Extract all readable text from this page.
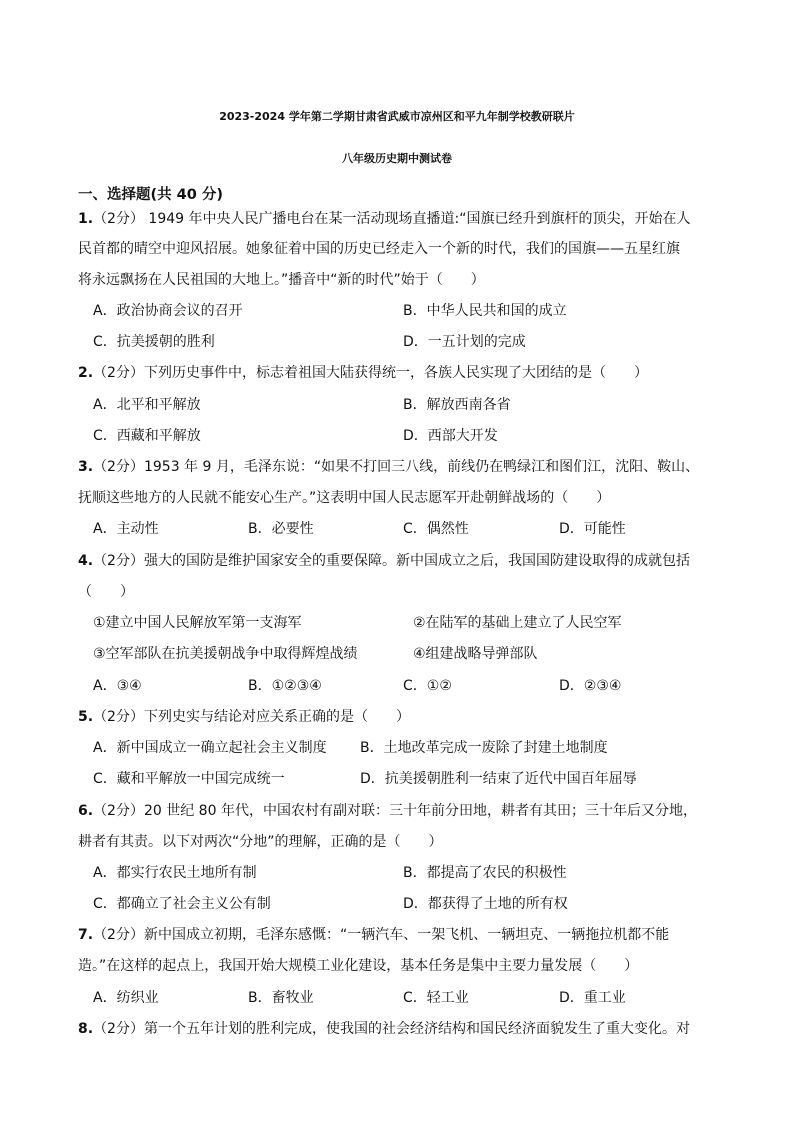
2023-2024 学年第二学期甘肃省武威市凉州区和平九年制学校教研联片
八年级历史期中测试卷
一、选择题(共 40 分)
1.（2分） 1949 年中央人民广播电台在某一活动现场直播道:“国旗已经升到旗杆的顶尖，开始在人
民首都的晴空中迎风招展。她象征着中国的历史已经走入一个新的时代，我们的国旗——五星红旗
将永远飘扬在人民祖国的大地上。”播音中“新的时代”始于（　　）
A．政治协商会议的召开	B．中华人民共和国的成立
C．抗美援朝的胜利	D．一五计划的完成
2.（2分）下列历史事件中，标志着祖国大陆获得统一，各族人民实现了大团结的是（　　）
A．北平和平解放	B．解放西南各省
C．西藏和平解放	D．西部大开发
3.（2分）1953 年 9 月，毛泽东说：“如果不打回三八线，前线仍在鸭绿江和图们江，沈阳、鞍山、
抚顺这些地方的人民就不能安心生产。”这表明中国人民志愿军开赴朝鲜战场的（　　）
A．主动性	B．必要性	C．偶然性	D．可能性
4.（2分）强大的国防是维护国家安全的重要保障。新中国成立之后，我国国防建设取得的成就包括
（　　）
①建立中国人民解放军第一支海军	②在陆军的基础上建立了人民空军
③空军部队在抗美援朝战争中取得辉煌战绩	④组建战略导弹部队
A．③④	B．①②③④	C．①②	D．②③④
5.（2分）下列史实与结论对应关系正确的是（　　）
A．新中国成立一确立起社会主义制度 B．土地改革完成一废除了封建土地制度
C．藏和平解放一中国完成统一	D．抗美援朝胜利一结束了近代中国百年屈辱
6.（2分）20 世纪 80 年代，中国农村有副对联：三十年前分田地，耕者有其田；三十年后又分地，
耕者有其责。以下对两次“分地”的理解，正确的是（　　）
A．都实行农民土地所有制	B．都提高了农民的积极性
C．都确立了社会主义公有制	D．都获得了土地的所有权
7.（2分）新中国成立初期，毛泽东感慨：“一辆汽车、一架飞机、一辆坦克、一辆拖拉机都不能
造。”在这样的起点上，我国开始大规模工业化建设，基本任务是集中主要力量发展（　　）
A．纺织业	B．畜牧业	C．轻工业	D．重工业
8.（2分）第一个五年计划的胜利完成，使我国的社会经济结构和国民经济面貌发生了重大变化。对
